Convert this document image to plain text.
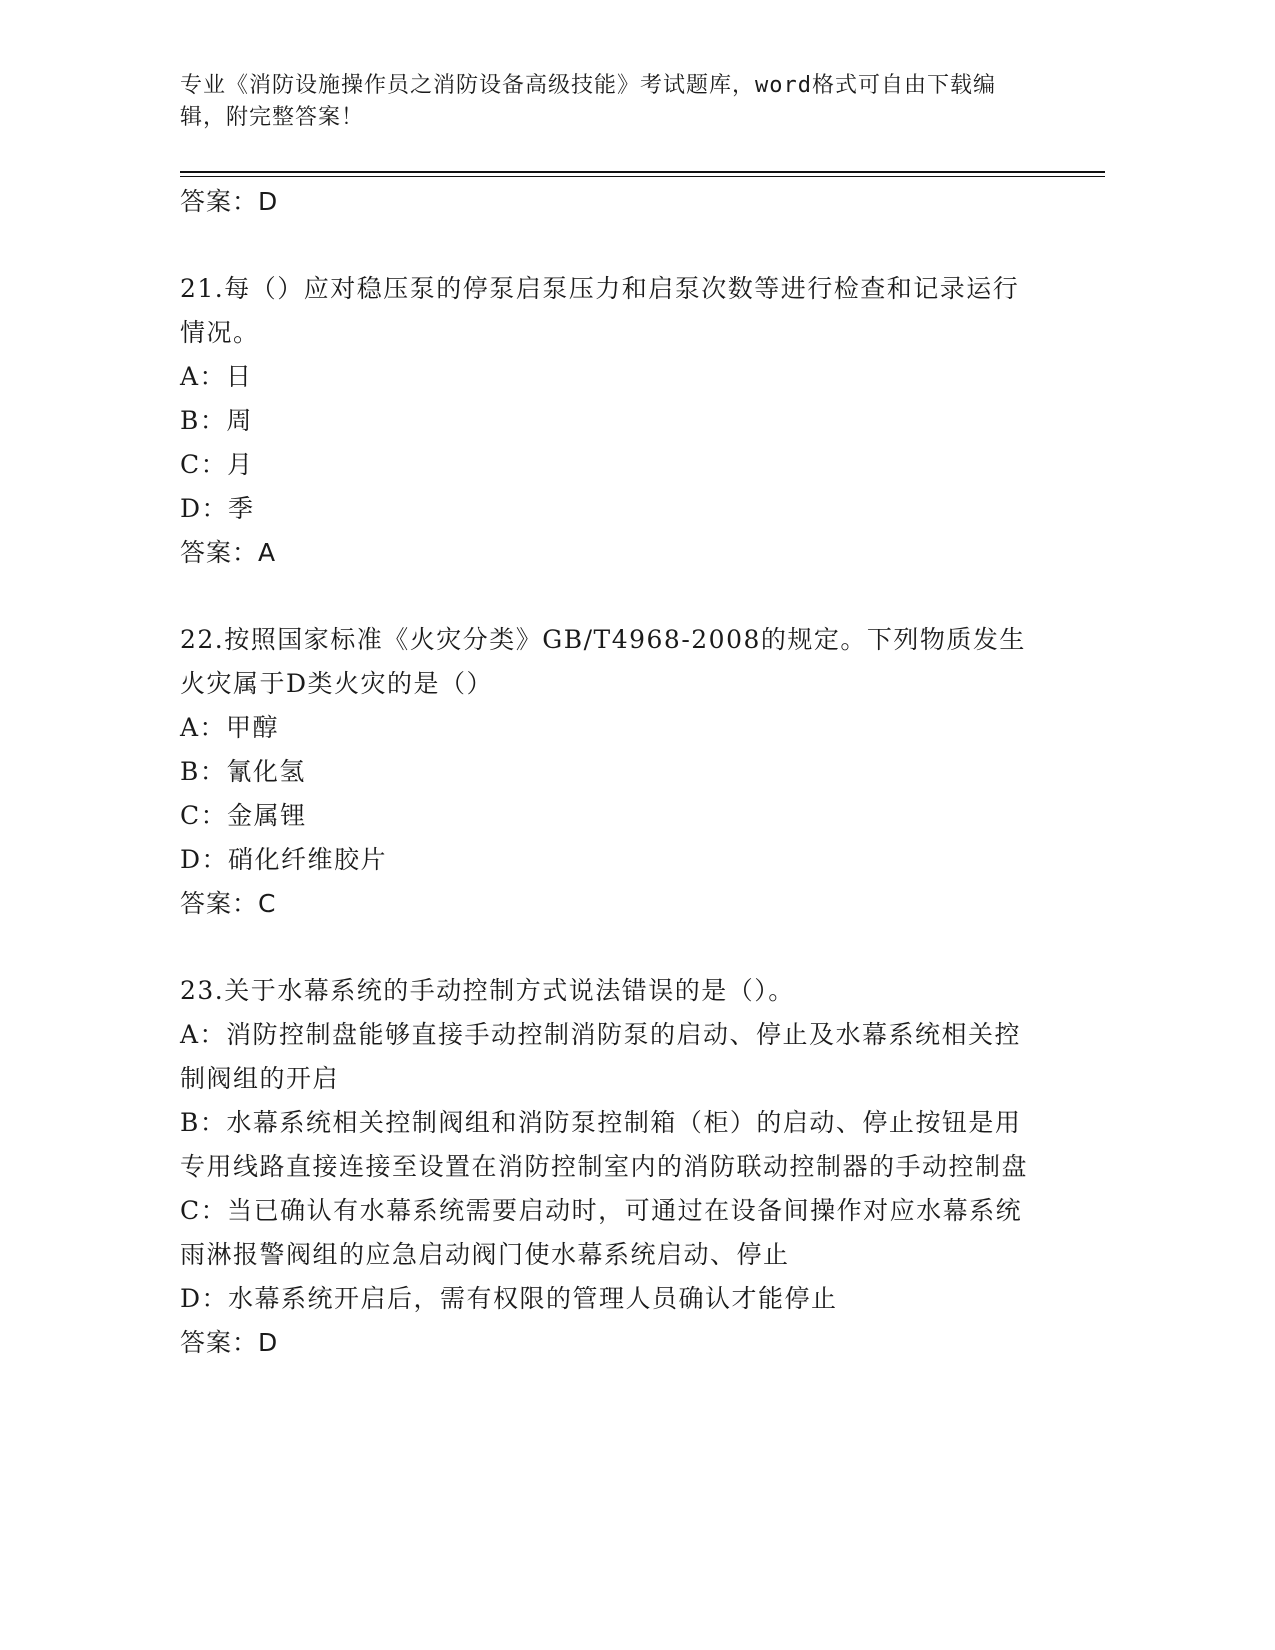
专业《消防设施操作员之消防设备高级技能》考试题库，word格式可自由下载编辑，附完整答案！
答案：D
21.每（）应对稳压泵的停泵启泵压力和启泵次数等进行检查和记录运行情况。
A：日
B：周
C：月
D：季
答案：A
22.按照国家标准《火灾分类》GB/T4968-2008的规定。下列物质发生火灾属于D类火灾的是（）
A：甲醇
B：氰化氢
C：金属锂
D：硝化纤维胶片
答案：C
23.关于水幕系统的手动控制方式说法错误的是（）。
A：消防控制盘能够直接手动控制消防泵的启动、停止及水幕系统相关控制阀组的开启
B：水幕系统相关控制阀组和消防泵控制箱（柜）的启动、停止按钮是用专用线路直接连接至设置在消防控制室内的消防联动控制器的手动控制盘
C：当已确认有水幕系统需要启动时，可通过在设备间操作对应水幕系统雨淋报警阀组的应急启动阀门使水幕系统启动、停止
D：水幕系统开启后，需有权限的管理人员确认才能停止
答案：D
